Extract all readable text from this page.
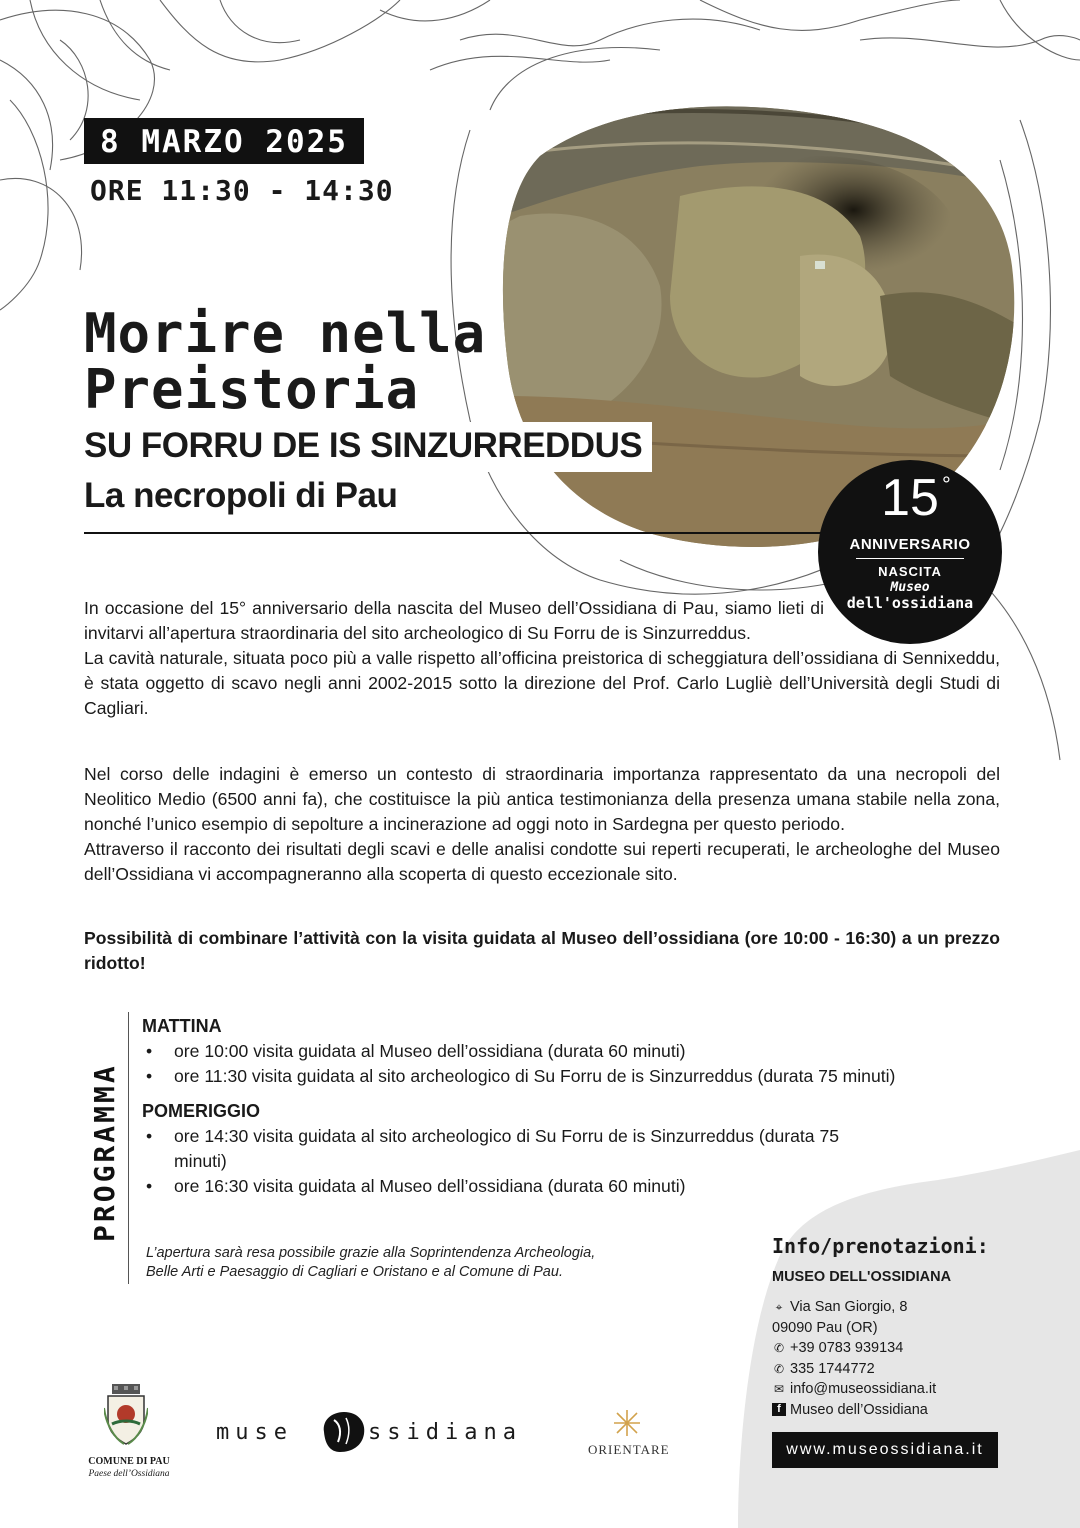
8 MARZO 2025
ORE 11:30 - 14:30
Morire nella
Preistoria
SU FORRU DE IS SINZURREDDUS
La necropoli di Pau	15 °
ANNIVERSARIO
NASCITA
Museo
dell'ossidiana
In occasione del 15° anniversario della nascita del Museo dell’Ossidiana di Pau, siamo lieti di invitarvi all’apertura straordinaria del sito archeologico di Su Forru de is Sinzurreddus.
La cavità naturale, situata poco più a valle rispetto all’officina preistorica di scheggiatura dell’ossidiana di Sennixeddu, è stata oggetto di scavo negli anni 2002-2015 sotto la direzione del Prof. Carlo Lugliè dell’Università degli Studi di Cagliari.
Nel corso delle indagini è emerso un contesto di straordinaria importanza rappresentato da una necropoli del Neolitico Medio (6500 anni fa), che costituisce la più antica testimonianza della presenza umana stabile nella zona, nonché l’unico esempio di sepolture a incinerazione ad oggi noto in Sardegna per questo periodo.
Attraverso il racconto dei risultati degli scavi e delle analisi condotte sui reperti recuperati, le archeologhe del Museo dell’Ossidiana vi accompagneranno alla scoperta di questo eccezionale sito.
Possibilità di combinare l’attività con la visita guidata al Museo dell’ossidiana (ore 10:00 - 16:30) a un prezzo ridotto!
PROGRAMMA
MATTINA
• ore 10:00 visita guidata al Museo dell’ossidiana (durata 60 minuti)
• ore 11:30 visita guidata al sito archeologico di Su Forru de is Sinzurreddus (durata 75 minuti)
POMERIGGIO
• ore 14:30 visita guidata al sito archeologico di Su Forru de is Sinzurreddus (durata 75 minuti)
• ore 16:30 visita guidata al Museo dell’ossidiana (durata 60 minuti)
L’apertura sarà resa possibile grazie alla Soprintendenza Archeologia,
Belle Arti e Paesaggio di Cagliari e Oristano e al Comune di Pau.
Info/prenotazioni:
MUSEO DELL'OSSIDIANA
⌖ Via San Giorgio, 8
09090 Pau (OR)
✆ +39 0783 939134
✆ 335 1744772
✉ info@museossidiana.it
f Museo dell’Ossidiana
www.museossidiana.it
COMUNE DI PAU
Paese dell’Ossidiana
muse	ssidiana
ORIENTARE
